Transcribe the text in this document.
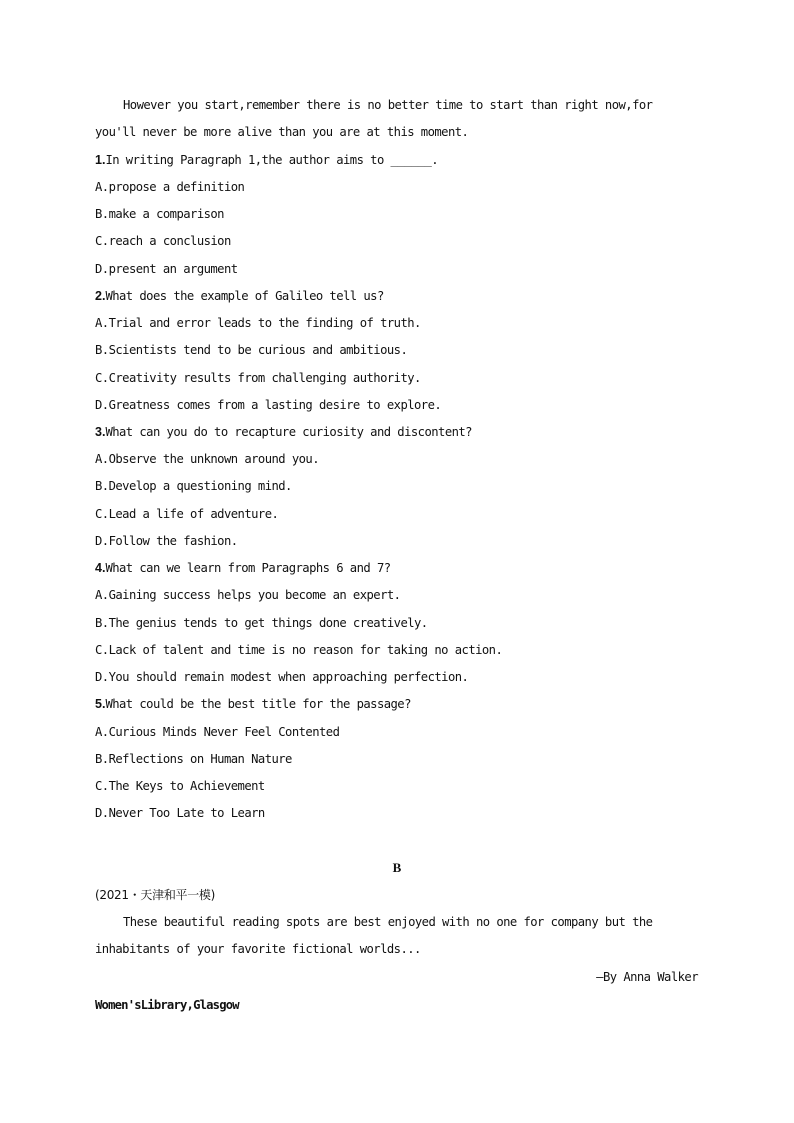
However you start,remember there is no better time to start than right now,for
you'll never be more alive than you are at this moment.
1.In writing Paragraph 1,the author aims to ______.
A.propose a definition
B.make a comparison
C.reach a conclusion
D.present an argument
2.What does the example of Galileo tell us?
A.Trial and error leads to the finding of truth.
B.Scientists tend to be curious and ambitious.
C.Creativity results from challenging authority.
D.Greatness comes from a lasting desire to explore.
3.What can you do to recapture curiosity and discontent?
A.Observe the unknown around you.
B.Develop a questioning mind.
C.Lead a life of adventure.
D.Follow the fashion.
4.What can we learn from Paragraphs 6 and 7?
A.Gaining success helps you become an expert.
B.The genius tends to get things done creatively.
C.Lack of talent and time is no reason for taking no action.
D.You should remain modest when approaching perfection.
5.What could be the best title for the passage?
A.Curious Minds Never Feel Contented
B.Reflections on Human Nature
C.The Keys to Achievement
D.Never Too Late to Learn
B
(2021・天津和平一模)
These beautiful reading spots are best enjoyed with no one for company but the
inhabitants of your favorite fictional worlds...
—By Anna Walker
Women'sLibrary,Glasgow
